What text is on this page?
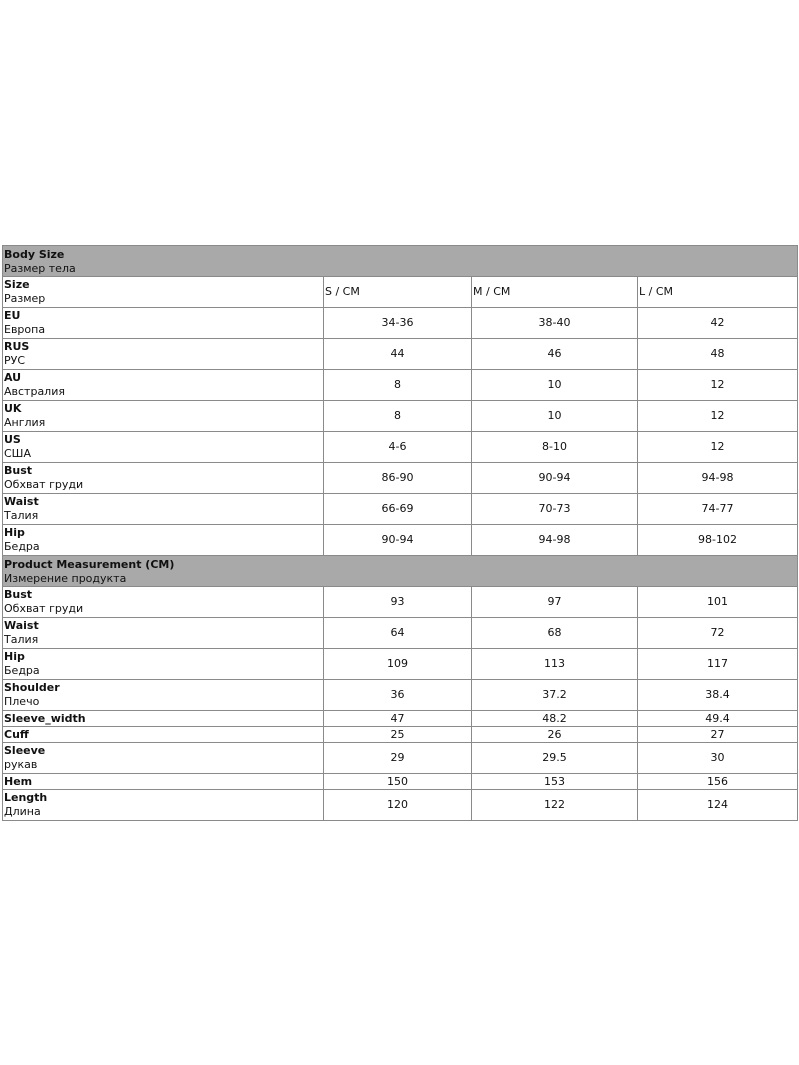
Body Size
Размер тела			

Size
Размер	S / CM	M / CM	L / CM

EU
Европа	34-36	38-40	42

RUS
РУС	44	46	48

AU
Австралия	8	10	12

UK
Англия	8	10	12

US
США	4-6	8-10	12

Bust
Обхват груди	86-90	90-94	94-98

Waist
Талия	66-69	70-73	74-77

Hip
Бедра	90-94	94-98	98-102

Product Measurement (CM)
Измерение продукта			

Bust
Обхват груди	93	97	101

Waist
Талия	64	68	72

Hip
Бедра	109	113	117

Shoulder
Плечо	36	37.2	38.4

Sleeve_width	47	48.2	49.4

Cuff	25	26	27

Sleeve
рукав	29	29.5	30

Hem	150	153	156

Length
Длина	120	122	124
